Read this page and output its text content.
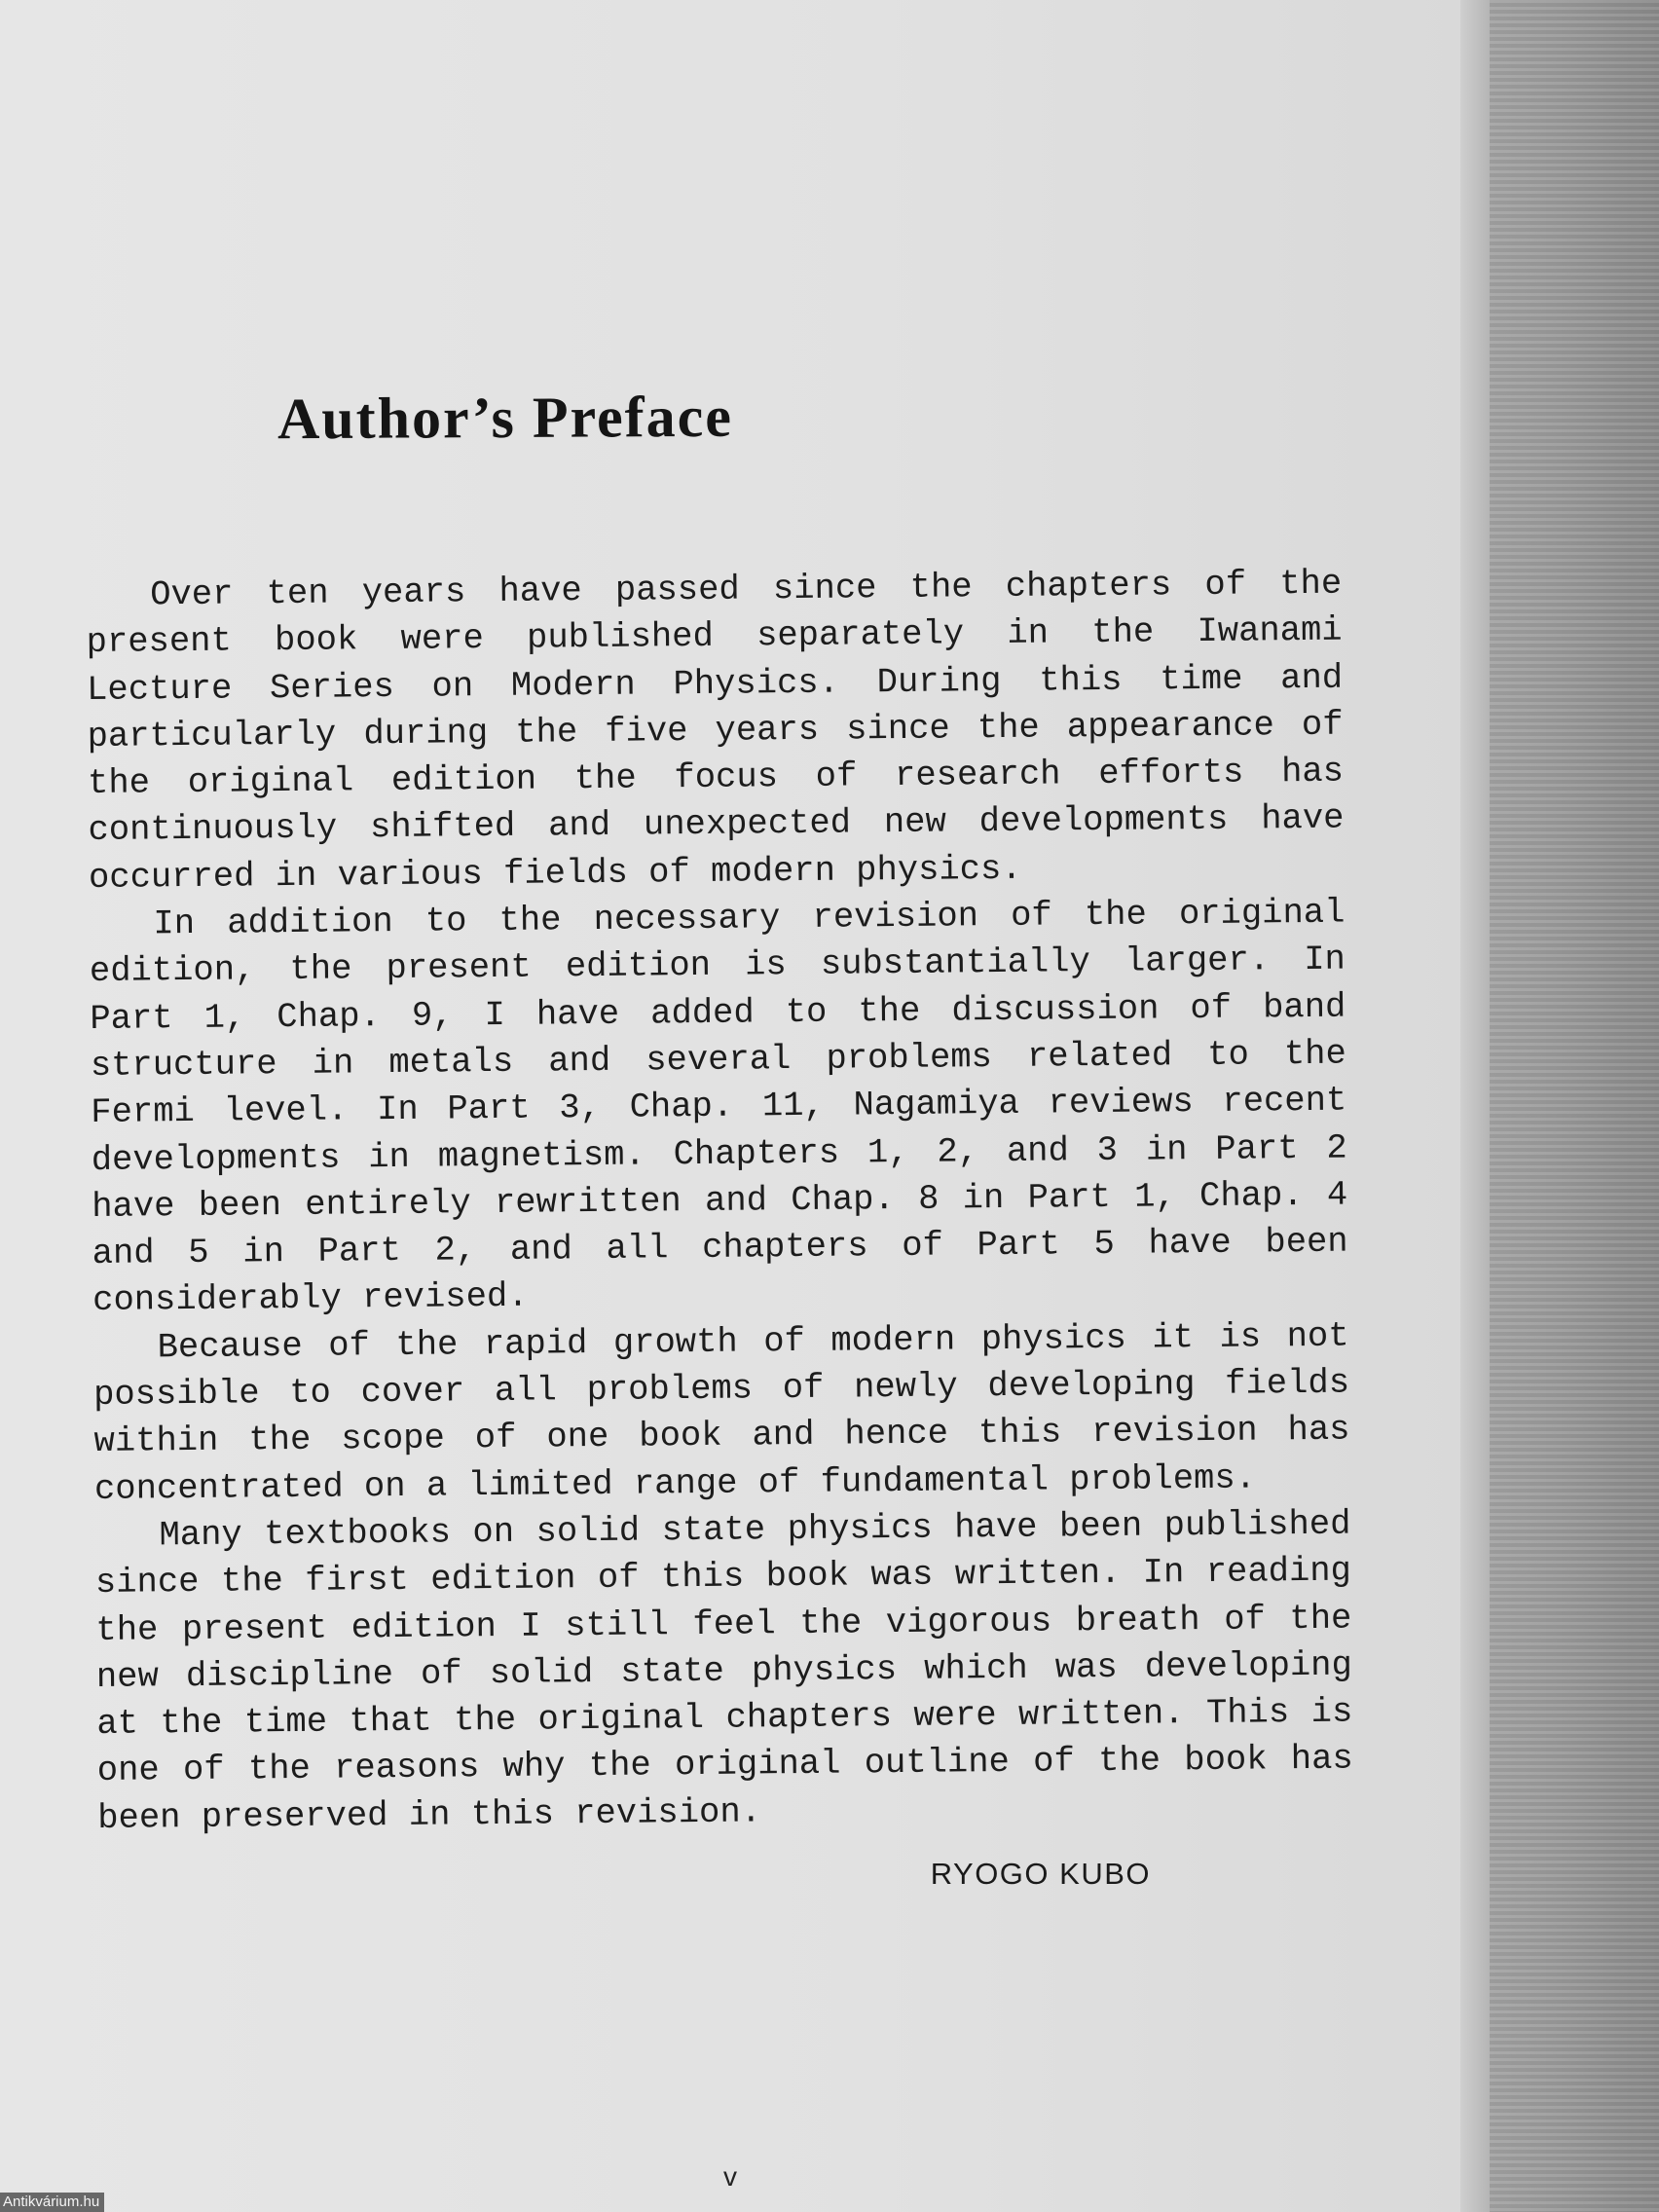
Author’s Preface

Over ten years have passed since the chapters of the present book were published separately in the Iwanami Lecture Series on Modern Physics. During this time and particularly during the five years since the appearance of the original edition the focus of research efforts has continuously shifted and unexpected new developments have occurred in various fields of modern physics.

In addition to the necessary revision of the original edition, the present edition is substantially larger. In Part 1, Chap. 9, I have added to the discussion of band structure in metals and several problems related to the Fermi level. In Part 3, Chap. 11, Nagamiya reviews recent developments in magnetism. Chapters 1, 2, and 3 in Part 2 have been entirely rewritten and Chap. 8 in Part 1, Chap. 4 and 5 in Part 2, and all chapters of Part 5 have been considerably revised.

Because of the rapid growth of modern physics it is not possible to cover all problems of newly developing fields within the scope of one book and hence this revision has concentrated on a limited range of fundamental problems.

Many textbooks on solid state physics have been published since the first edition of this book was written. In reading the present edition I still feel the vigorous breath of the new discipline of solid state physics which was developing at the time that the original chapters were written. This is one of the reasons why the original outline of the book has been preserved in this revision.

RYOGO KUBO
v
Antikvárium.hu
